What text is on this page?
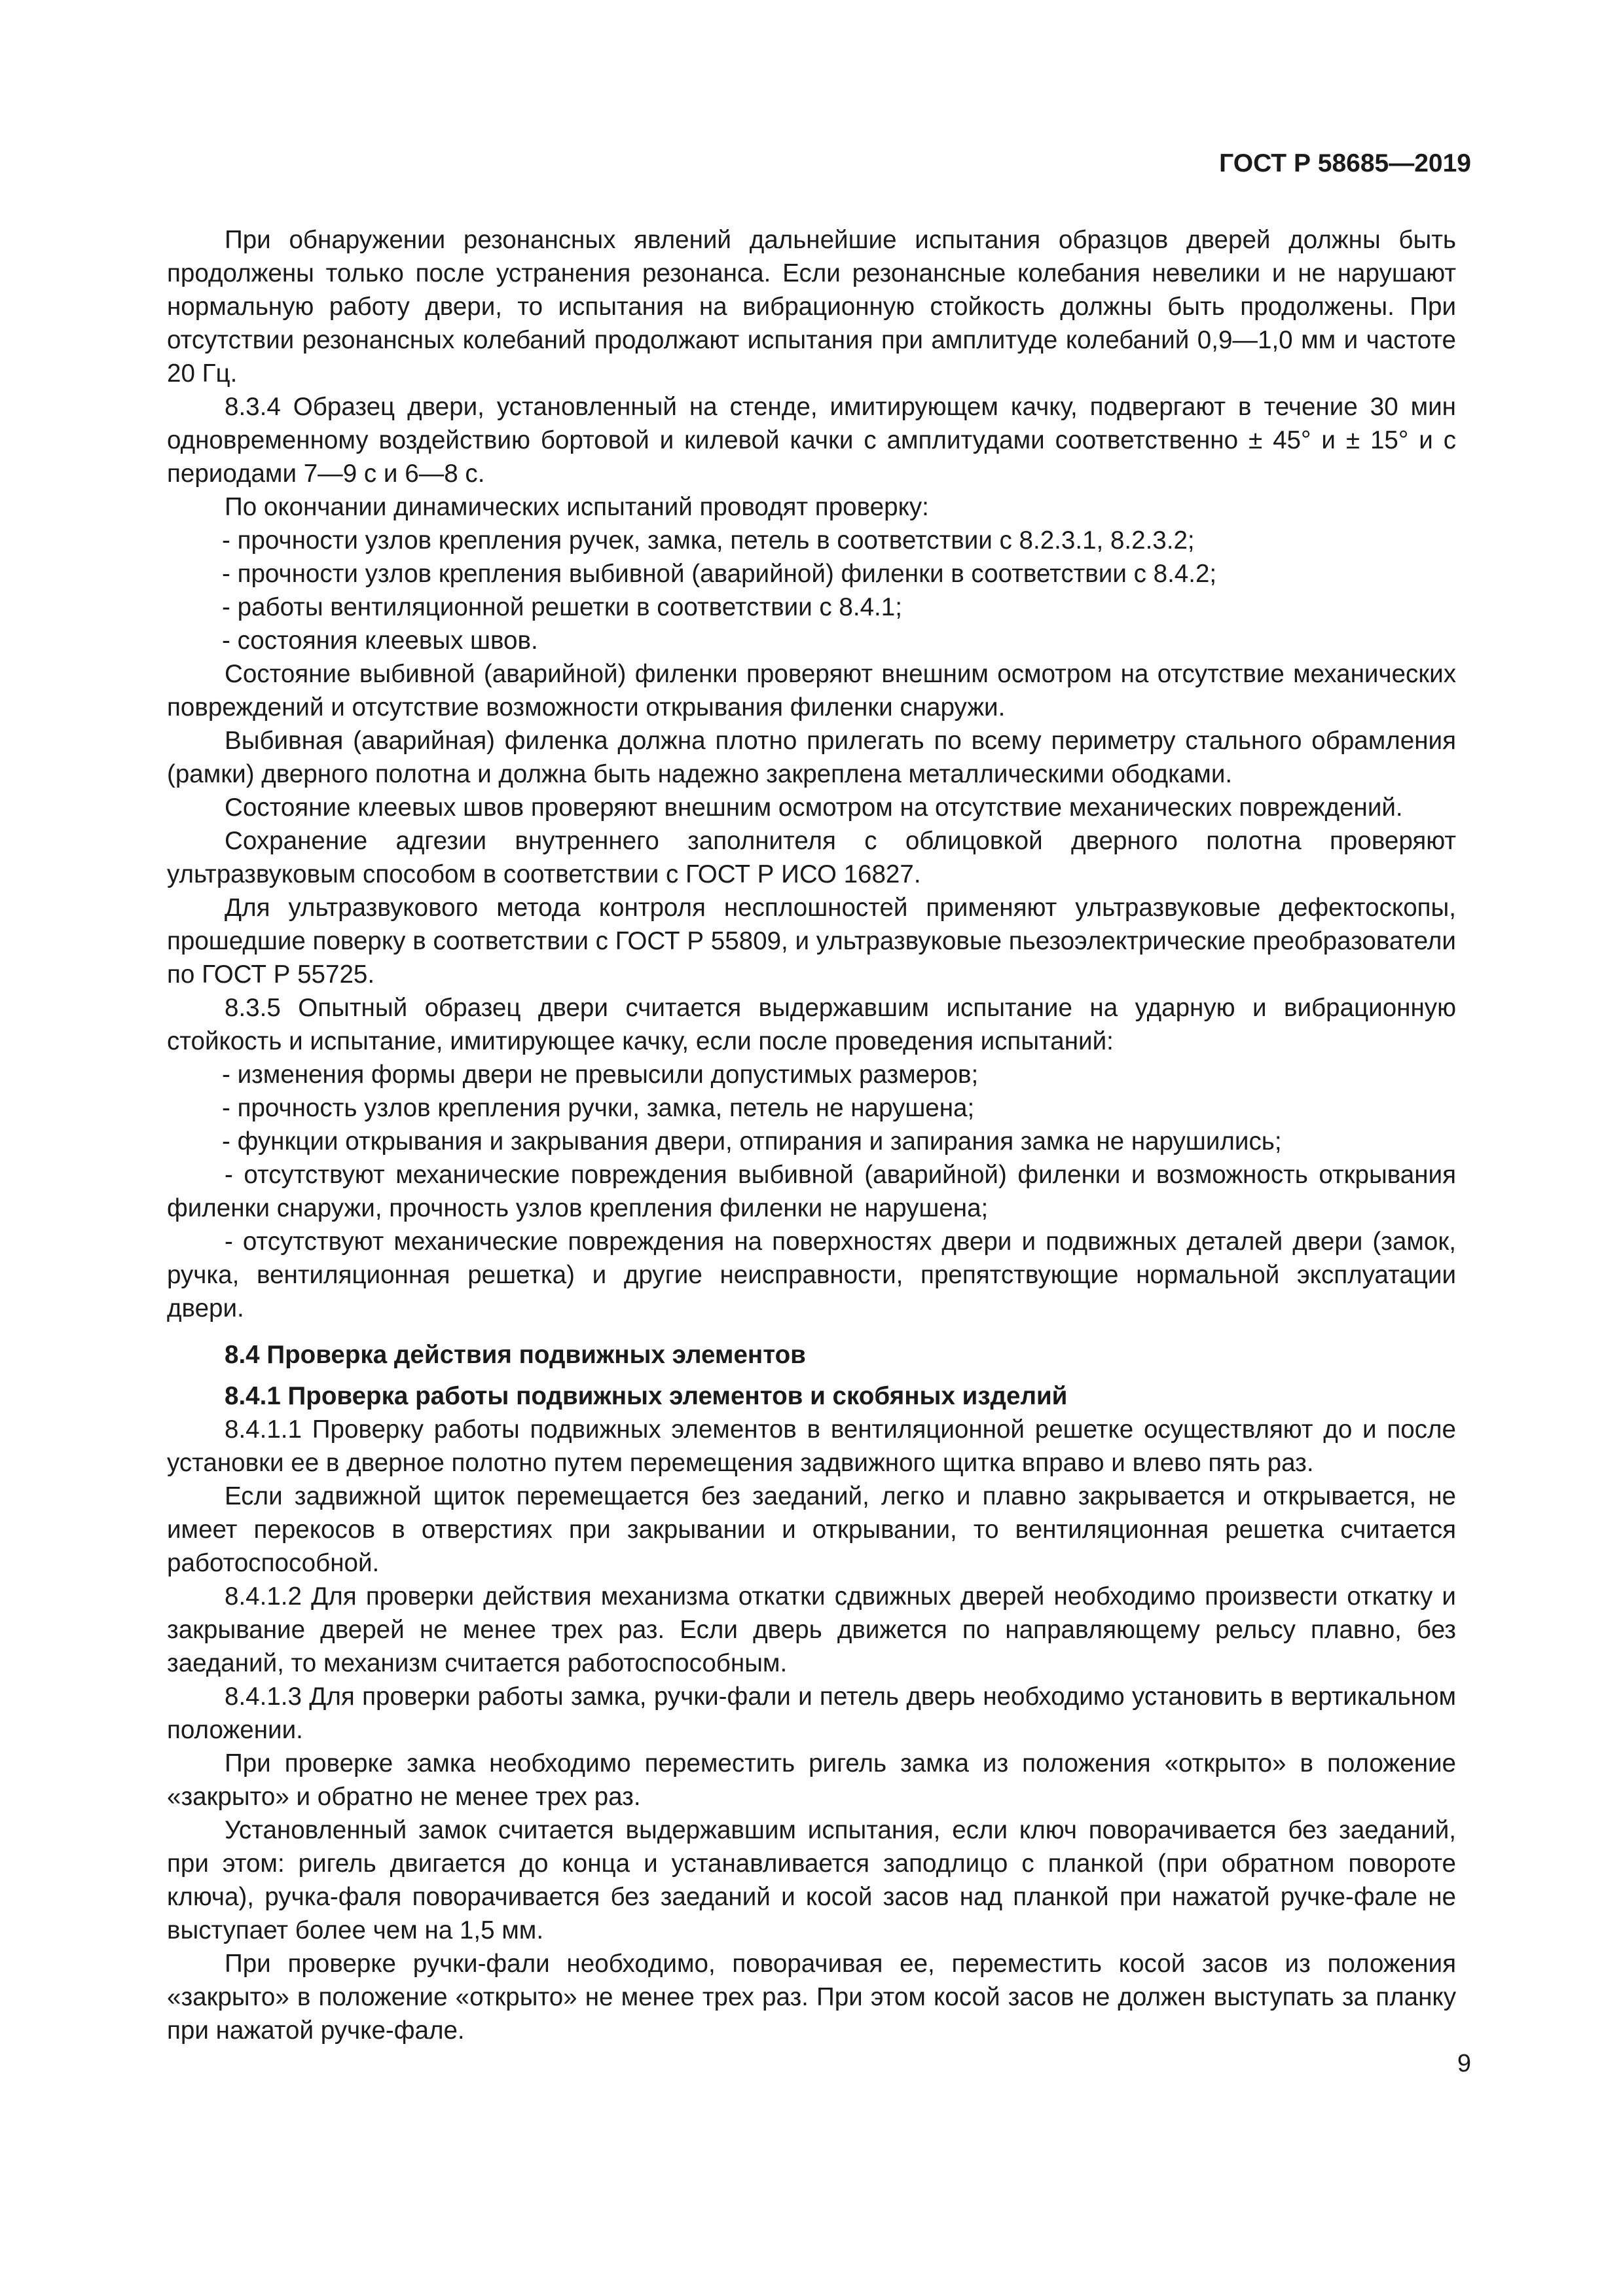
ГОСТ Р 58685—2019

При обнаружении резонансных явлений дальнейшие испытания образцов дверей должны быть продолжены только после устранения резонанса. Если резонансные колебания невелики и не нарушают нормальную работу двери, то испытания на вибрационную стойкость должны быть продолжены. При отсутствии резонансных колебаний продолжают испытания при амплитуде колебаний 0,9—1,0 мм и частоте 20 Гц.

8.3.4 Образец двери, установленный на стенде, имитирующем качку, подвергают в течение 30 мин одновременному воздействию бортовой и килевой качки с амплитудами соответственно ± 45° и ± 15° и с периодами 7—9 с и 6—8 с.

По окончании динамических испытаний проводят проверку:

- прочности узлов крепления ручек, замка, петель в соответствии с 8.2.3.1, 8.2.3.2;

- прочности узлов крепления выбивной (аварийной) филенки в соответствии с 8.4.2;

- работы вентиляционной решетки в соответствии с 8.4.1;

- состояния клеевых швов.

Состояние выбивной (аварийной) филенки проверяют внешним осмотром на отсутствие механических повреждений и отсутствие возможности открывания филенки снаружи.

Выбивная (аварийная) филенка должна плотно прилегать по всему периметру стального обрамления (рамки) дверного полотна и должна быть надежно закреплена металлическими ободками.

Состояние клеевых швов проверяют внешним осмотром на отсутствие механических повреждений.

Сохранение адгезии внутреннего заполнителя с облицовкой дверного полотна проверяют ультразвуковым способом в соответствии с ГОСТ Р ИСО 16827.

Для ультразвукового метода контроля несплошностей применяют ультразвуковые дефектоскопы, прошедшие поверку в соответствии с ГОСТ Р 55809, и ультразвуковые пьезоэлектрические преобразователи по ГОСТ Р 55725.

8.3.5 Опытный образец двери считается выдержавшим испытание на ударную и вибрационную стойкость и испытание, имитирующее качку, если после проведения испытаний:

- изменения формы двери не превысили допустимых размеров;

- прочность узлов крепления ручки, замка, петель не нарушена;

- функции открывания и закрывания двери, отпирания и запирания замка не нарушились;

- отсутствуют механические повреждения выбивной (аварийной) филенки и возможность открывания филенки снаружи, прочность узлов крепления филенки не нарушена;

- отсутствуют механические повреждения на поверхностях двери и подвижных деталей двери (замок, ручка, вентиляционная решетка) и другие неисправности, препятствующие нормальной эксплуатации двери.

8.4 Проверка действия подвижных элементов

8.4.1 Проверка работы подвижных элементов и скобяных изделий

8.4.1.1 Проверку работы подвижных элементов в вентиляционной решетке осуществляют до и после установки ее в дверное полотно путем перемещения задвижного щитка вправо и влево пять раз.

Если задвижной щиток перемещается без заеданий, легко и плавно закрывается и открывается, не имеет перекосов в отверстиях при закрывании и открывании, то вентиляционная решетка считается работоспособной.

8.4.1.2 Для проверки действия механизма откатки сдвижных дверей необходимо произвести откатку и закрывание дверей не менее трех раз. Если дверь движется по направляющему рельсу плавно, без заеданий, то механизм считается работоспособным.

8.4.1.3 Для проверки работы замка, ручки-фали и петель дверь необходимо установить в вертикальном положении.

При проверке замка необходимо переместить ригель замка из положения «открыто» в положение «закрыто» и обратно не менее трех раз.

Установленный замок считается выдержавшим испытания, если ключ поворачивается без заеданий, при этом: ригель двигается до конца и устанавливается заподлицо с планкой (при обратном повороте ключа), ручка-фаля поворачивается без заеданий и косой засов над планкой при нажатой ручке-фале не выступает более чем на 1,5 мм.

При проверке ручки-фали необходимо, поворачивая ее, переместить косой засов из положения «закрыто» в положение «открыто» не менее трех раз. При этом косой засов не должен выступать за планку при нажатой ручке-фале.

9
